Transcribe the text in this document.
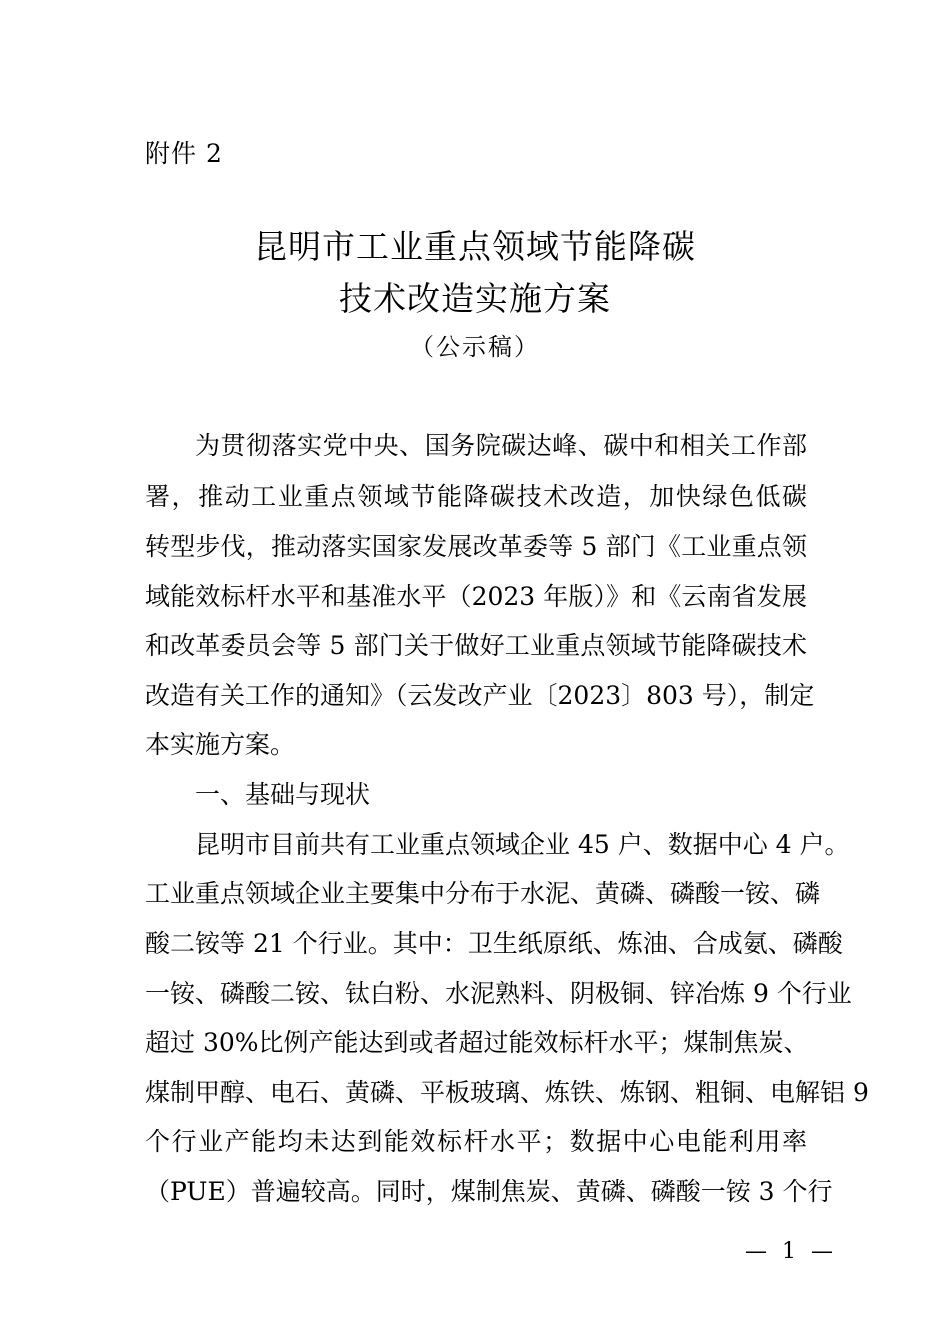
附件 2
昆明市工业重点领域节能降碳
技术改造实施方案
（公示稿）
为贯彻落实党中央、国务院碳达峰、碳中和相关工作部
署，推动工业重点领域节能降碳技术改造，加快绿色低碳
转型步伐，推动落实国家发展改革委等 5 部门《工业重点领
域能效标杆水平和基准水平（2023 年版）》和《云南省发展
和改革委员会等 5 部门关于做好工业重点领域节能降碳技术
改造有关工作的通知》（云发改产业〔2023〕803 号），制定
本实施方案。
一、基础与现状
昆明市目前共有工业重点领域企业 45 户、数据中心 4 户。
工业重点领域企业主要集中分布于水泥、黄磷、磷酸一铵、磷
酸二铵等 21 个行业。其中：卫生纸原纸、炼油、合成氨、磷酸
一铵、磷酸二铵、钛白粉、水泥熟料、阴极铜、锌冶炼 9 个行业
超过 30%比例产能达到或者超过能效标杆水平；煤制焦炭、
煤制甲醇、电石、黄磷、平板玻璃、炼铁、炼钢、粗铜、电解铝 9
个行业产能均未达到能效标杆水平；数据中心电能利用率
（PUE）普遍较高。同时，煤制焦炭、黄磷、磷酸一铵 3 个行
— 1 —
